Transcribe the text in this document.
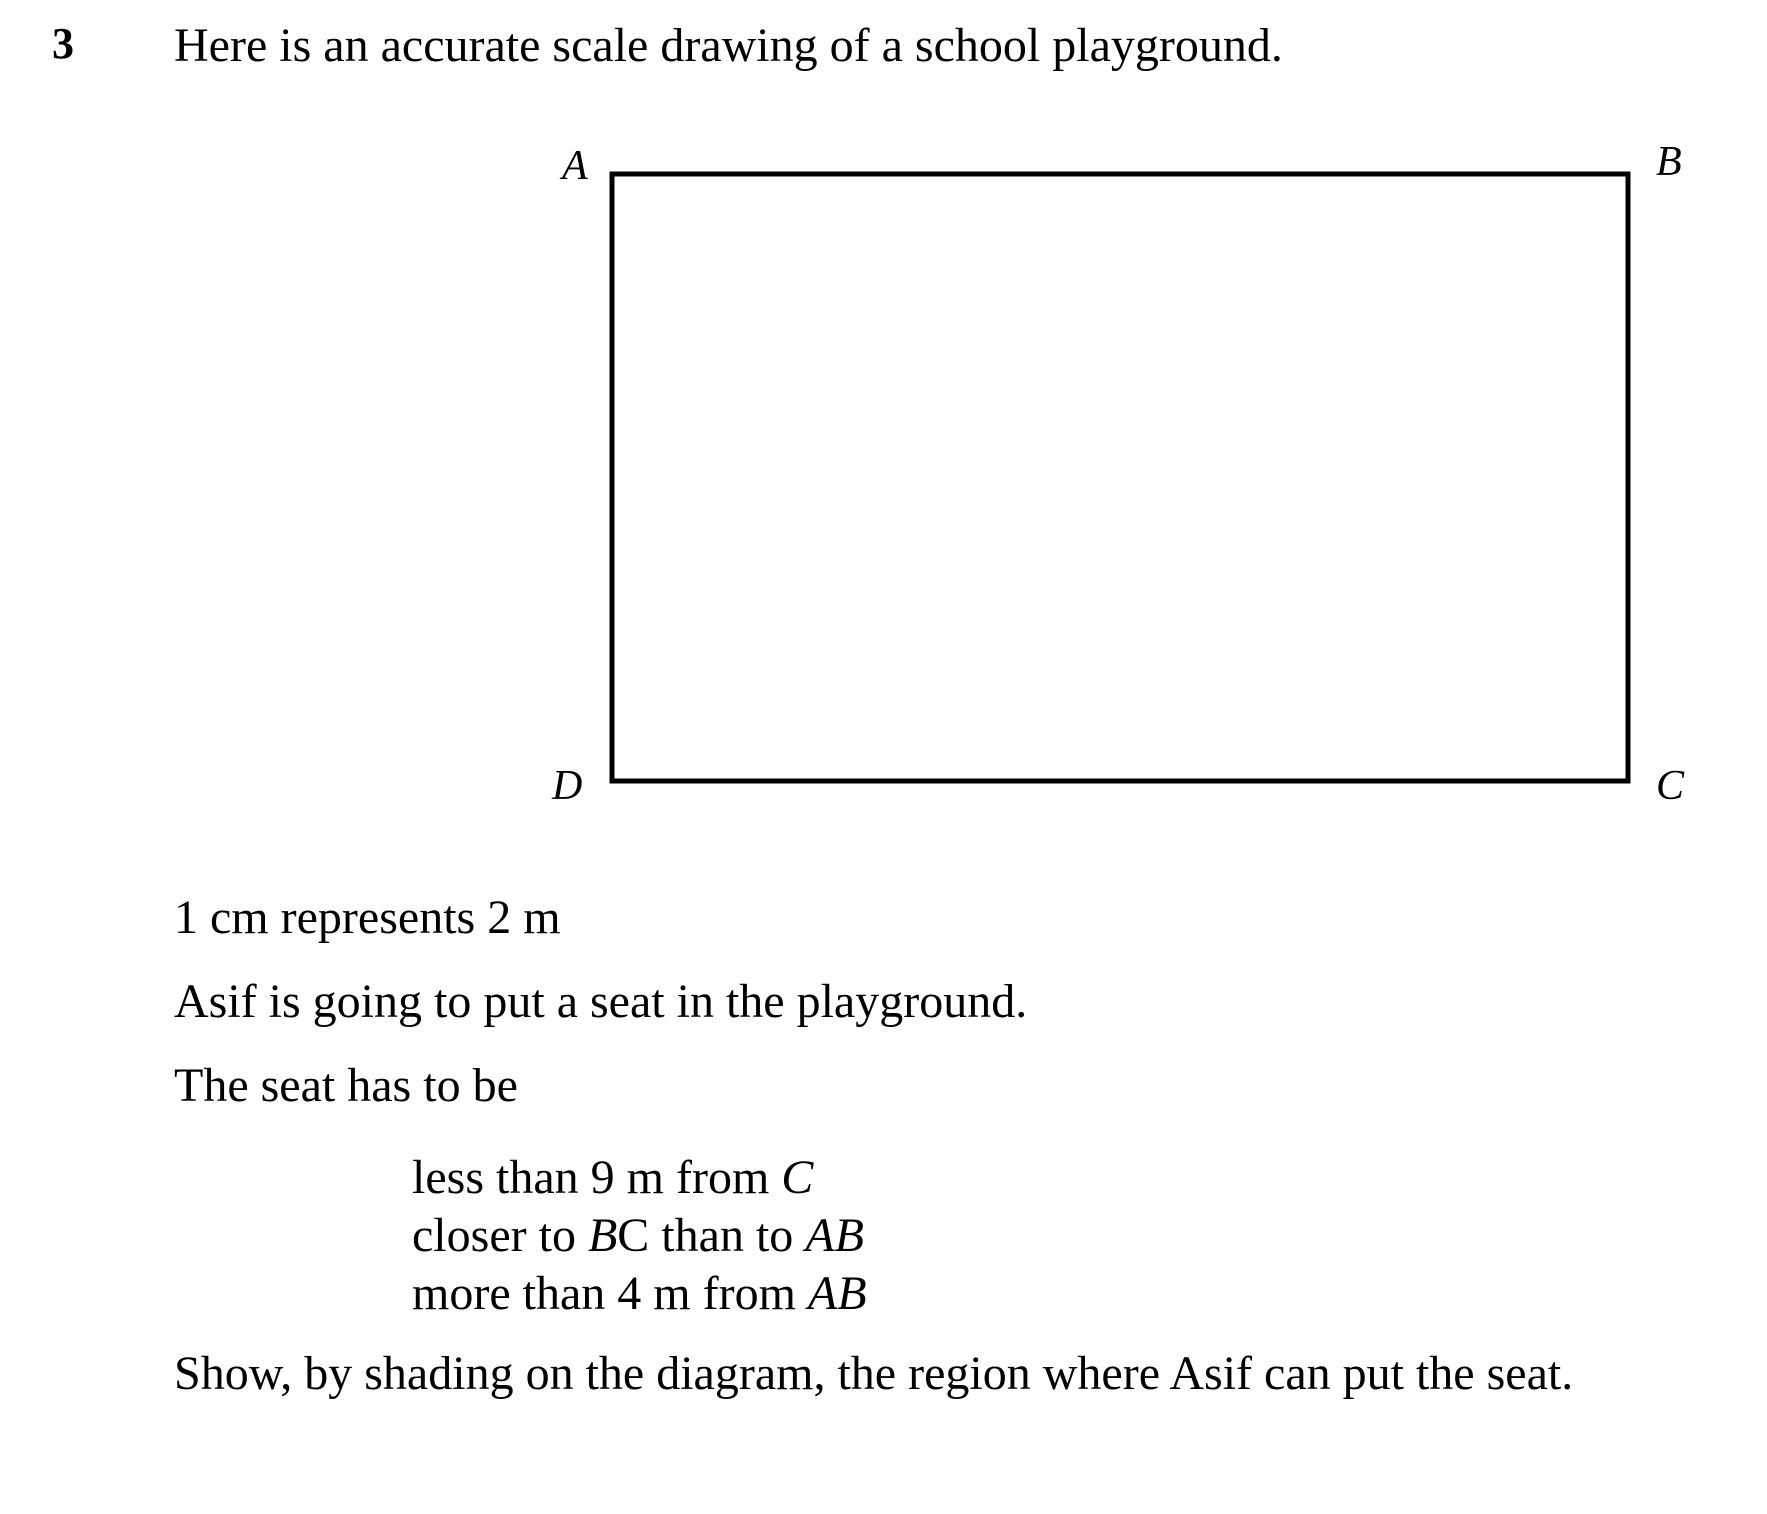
3 Here is an accurate scale drawing of a school playground.
A	B
C
D
1 cm represents 2 m
Asif is going to put a seat in the playground.
The seat has to be
less than 9 m from C
closer to BC than to AB
more than 4 m from AB
Show, by shading on the diagram, the region where Asif can put the seat.
